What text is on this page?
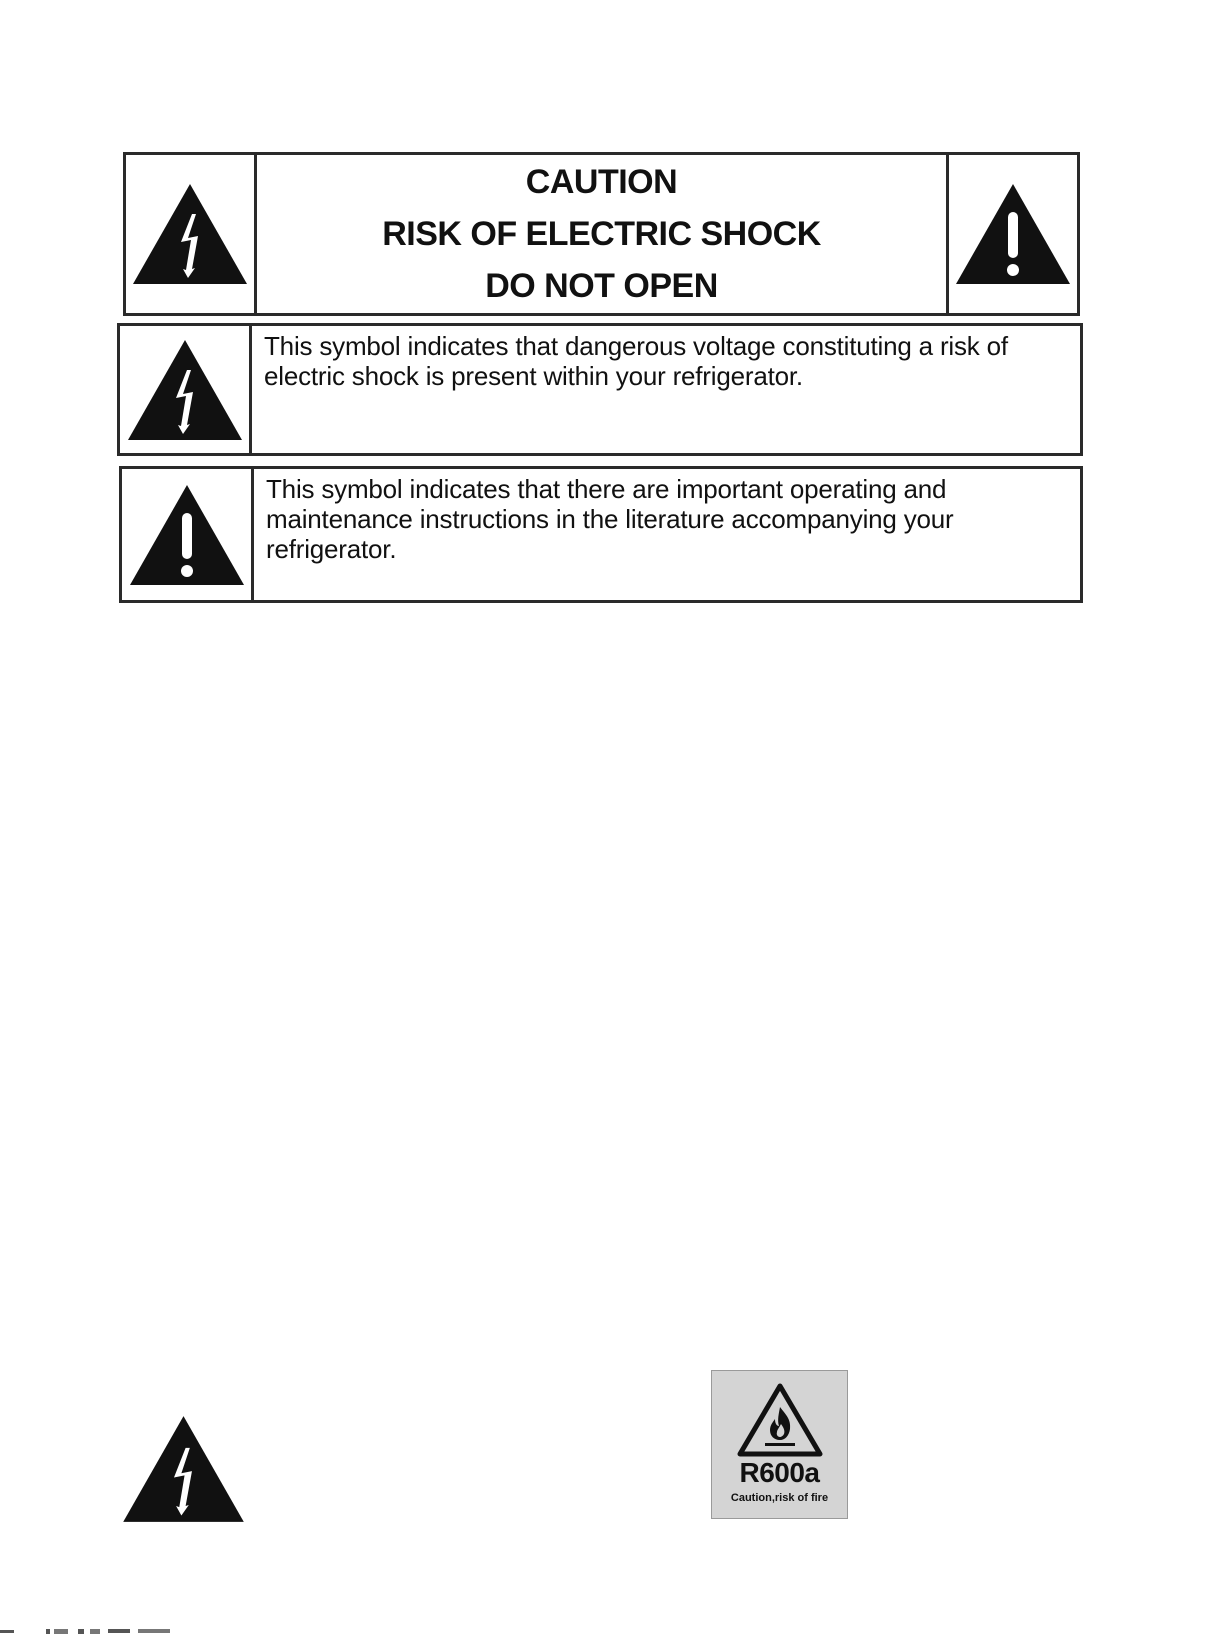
CAUTION
RISK OF ELECTRIC SHOCK
DO NOT OPEN
This symbol indicates that dangerous voltage constituting a risk of electric shock is present within your refrigerator.
This symbol indicates that there are important operating and maintenance instructions in the literature accompanying your refrigerator.
R600a
Caution,risk of fire
